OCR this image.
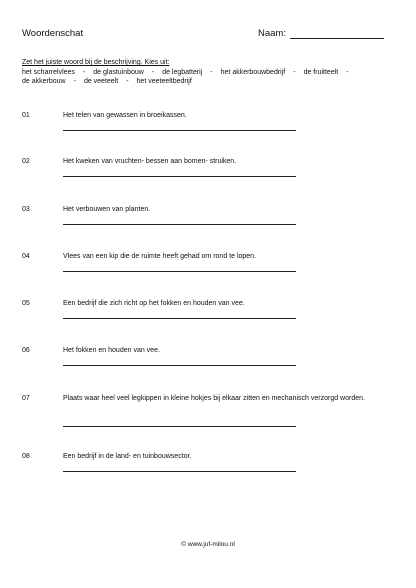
Woordenschat	Naam:
Zet het juiste woord bij de beschrijving. Kies uit:
het scharrelvlees - de glastuinbouw - de legbatterij - het akkerbouwbedrijf - de fruitteelt -
de akkerbouw - de veeteelt - het veeteeltbedrijf
01	Het telen van gewassen in broeikassen.
02	Het kweken van vruchten- bessen aan bomen- struiken.
03	Het verbouwen van planten.
04	Vlees van een kip die de ruimte heeft gehad om rond te lopen.
05	Een bedrijf die zich richt op het fokken en houden van vee.
06	Het fokken en houden van vee.
07	Plaats waar heel veel legkippen in kleine hokjes bij elkaar zitten en mechanisch verzorgd worden.
08	Een bedrijf in de land- en tuinbouwsector.
© www.juf-milou.nl
